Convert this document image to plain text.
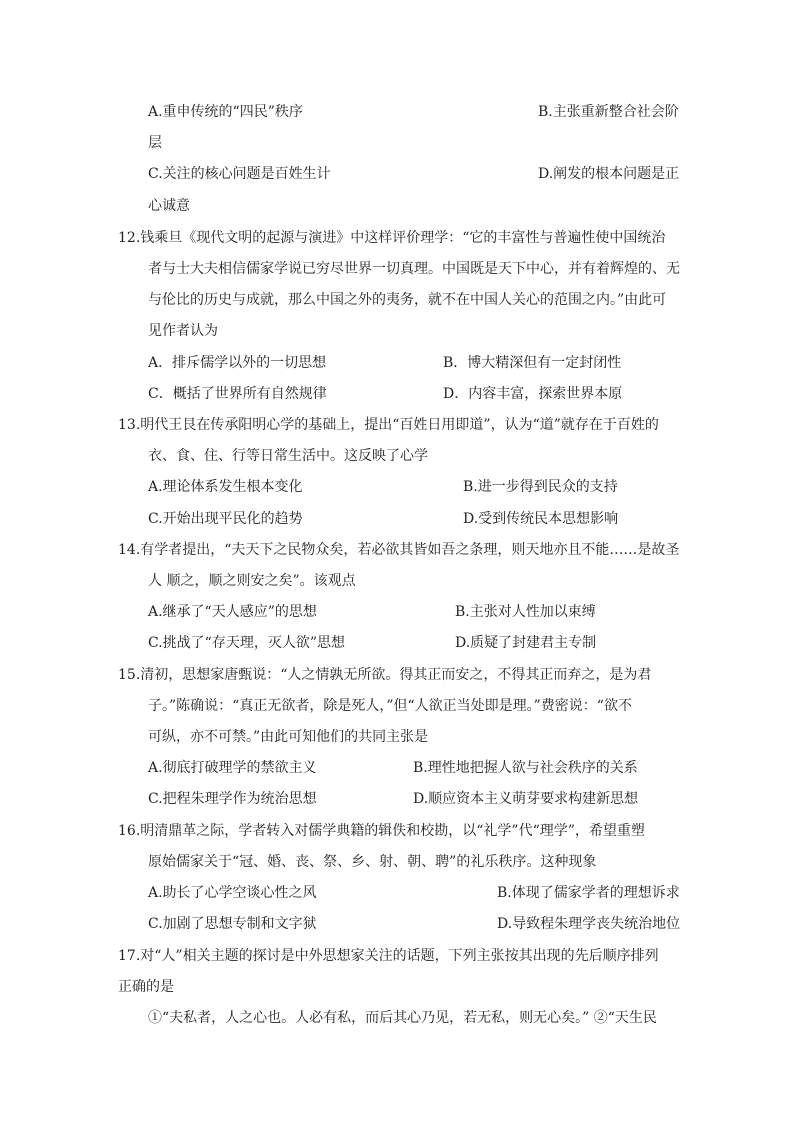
A.重申传统的“四民”秩序	B.主张重新整合社会阶
层
C.关注的核心问题是百姓生计	D.阐发的根本问题是正
心诚意
12.钱乘旦《现代文明的起源与演进》中这样评价理学：“它的丰富性与普遍性使中国统治
者与士大夫相信儒家学说已穷尽世界一切真理。中国既是天下中心，并有着辉煌的、无
与伦比的历史与成就，那么中国之外的夷务，就不在中国人关心的范围之内。”由此可
见作者认为
A．排斥儒学以外的一切思想	B．博大精深但有一定封闭性
C．概括了世界所有自然规律	D．内容丰富，探索世界本原
13.明代王艮在传承阳明心学的基础上，提出“百姓日用即道”，认为“道”就存在于百姓的
衣、食、住、行等日常生活中。这反映了心学
A.理论体系发生根本变化	B.进一步得到民众的支持
C.开始出现平民化的趋势	D.受到传统民本思想影响
14.有学者提出，“夫天下之民物众矣，若必欲其皆如吾之条理，则天地亦且不能……是故圣
人 顺之，顺之则安之矣”。该观点
A.继承了“天人感应”的思想	B.主张对人性加以束缚
C.挑战了“存天理，灭人欲”思想	D.质疑了封建君主专制
15.清初，思想家唐甄说：“人之情孰无所欲。得其正而安之，不得其正而弃之，是为君
子。”陈确说：“真正无欲者，除是死人，”但“人欲正当处即是理。”费密说：“欲不
可纵，亦不可禁。”由此可知他们的共同主张是
A.彻底打破理学的禁欲主义	B.理性地把握人欲与社会秩序的关系
C.把程朱理学作为统治思想	D.顺应资本主义萌芽要求构建新思想
16.明清鼎革之际，学者转入对儒学典籍的辑佚和校勘，以“礼学”代“理学”，希望重塑
原始儒家关于“冠、婚、丧、祭、乡、射、朝、聘”的礼乐秩序。这种现象
A.助长了心学空谈心性之风	B.体现了儒家学者的理想诉求
C.加剧了思想专制和文字狱	D.导致程朱理学丧失统治地位
17.对“人”相关主题的探讨是中外思想家关注的话题，下列主张按其出现的先后顺序排列
正确的是
①“夫私者，人之心也。人必有私，而后其心乃见，若无私，则无心矣。” ②“天生民
